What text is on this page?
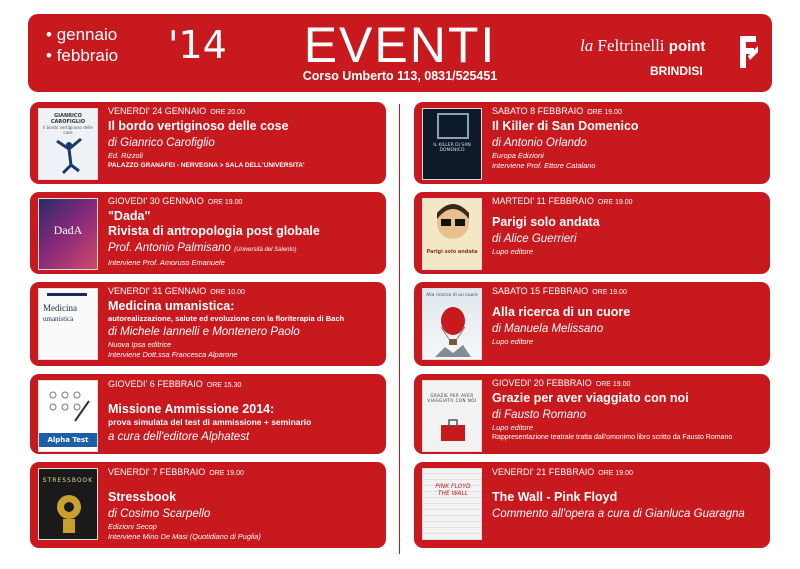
• gennaio
• febbraio '14	EVENTI
Corso Umberto 113, 0831/525451
la Feltrinelli point
BRINDISI
GIANRICO CAROFIGLIO
Il bordo vertiginoso delle cose
VENERDI' 24 GENNAIO ORE 20.00
Il bordo vertiginoso delle cose
di Gianrico Carofiglio
Ed. Rizzoli
PALAZZO GRANAFEI - NERVEGNA > SALA DELL'UNIVERSITA'
DadA
GIOVEDI' 30 GENNAIO ORE 19.00
"Dada"
Rivista di antropologia post globale
Prof. Antonio Palmisano (Università del Salento)
Interviene Prof. Amoruso Emanuele
Medicina
umanistica
VENERDI' 31 GENNAIO ORE 10.00
Medicina umanistica:
autorealizzazione, salute ed evoluzione con la floriterapia di Bach
di Michele Iannelli e Montenero Paolo
Nuova Ipsa editrice
Interviene Dott.ssa Francesca Alparone
Alpha Test
GIOVEDI' 6 FEBBRAIO ORE 15.30
Missione Ammissione 2014:
prova simulata del test di ammissione + seminario
a cura dell'editore Alphatest
STRESSBOOK
VENERDI' 7 FEBBRAIO ORE 19.00
Stressbook
di Cosimo Scarpello
Edizioni Secop
Interviene Mino De Masi (Quotidiano di Puglia)
IL KILLER DI SAN DOMENICO
SABATO 8 FEBBRAIO ORE 19.00
Il Killer di San Domenico
di Antonio Orlando
Europa Edizioni
Interviene Prof. Ettore Catalano
Parigi solo andata
MARTEDI' 11 FEBBRAIO ORE 19.00
Parigi solo andata
di Alice Guerrieri
Lupo editore
Alla ricerca di un cuore	SABATO 15 FEBBRAIO ORE 19.00
Alla ricerca di un cuore
di Manuela Melissano
Lupo editore
GRAZIE PER AVER VIAGGIATO CON NOI
GIOVEDI' 20 FEBBRAIO ORE 19.00
Grazie per aver viaggiato con noi
di Fausto Romano
Lupo editore
Rappresentazione teatrale tratta dall'omonimo libro scritto da Fausto Romano
PINK FLOYD THE WALL
VENERDI' 21 FEBBRAIO ORE 19.00
The Wall - Pink Floyd
Commento all'opera a cura di Gianluca Guaragna
